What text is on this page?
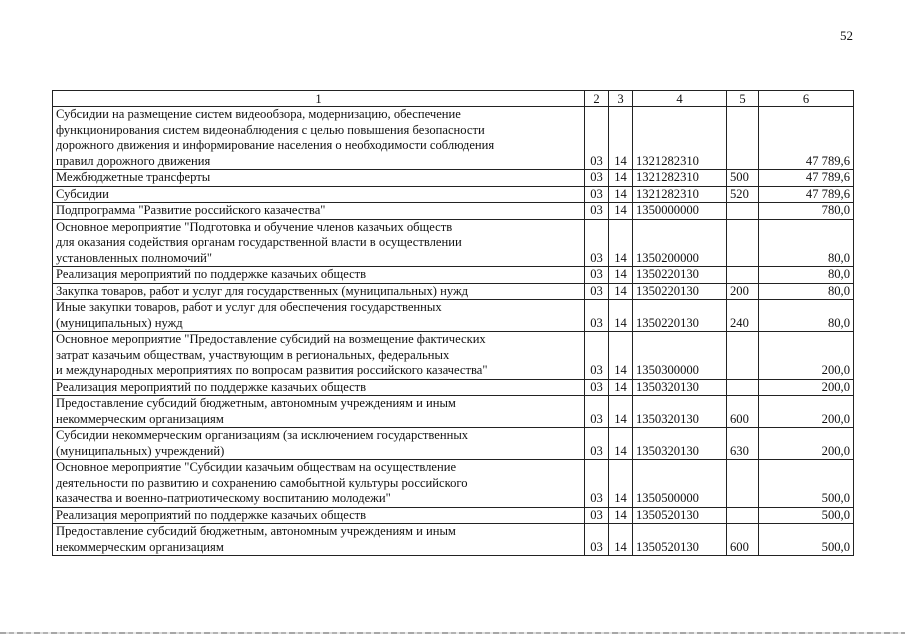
52
1	2	3	4	5	6
Субсидии на размещение систем видеообзора, модернизацию, обеспечение
функционирования систем видеонаблюдения с целью повышения безопасности
дорожного движения и информирование населения о необходимости соблюдения
правил дорожного движения	03	14	1321282310		47 789,6
Межбюджетные трансферты	03	14	1321282310	500	47 789,6
Субсидии	03	14	1321282310	520	47 789,6
Подпрограмма "Развитие российского казачества"	03	14	1350000000		780,0
Основное мероприятие "Подготовка и обучение членов казачьих обществ
для оказания содействия органам государственной власти в осуществлении
установленных полномочий"	03	14	1350200000		80,0
Реализация мероприятий по поддержке казачьих обществ	03	14	1350220130		80,0
Закупка товаров, работ и услуг для государственных (муниципальных) нужд	03	14	1350220130	200	80,0
Иные закупки товаров, работ и услуг для обеспечения государственных
(муниципальных) нужд	03	14	1350220130	240	80,0
Основное мероприятие "Предоставление субсидий на возмещение фактических
затрат казачьим обществам, участвующим в региональных, федеральных
и международных мероприятиях по вопросам развития российского казачества"	03	14	1350300000		200,0
Реализация мероприятий по поддержке казачьих обществ	03	14	1350320130		200,0
Предоставление субсидий бюджетным, автономным учреждениям и иным
некоммерческим организациям	03	14	1350320130	600	200,0
Субсидии некоммерческим организациям (за исключением государственных
(муниципальных) учреждений)	03	14	1350320130	630	200,0
Основное мероприятие "Субсидии казачьим обществам на осуществление
деятельности по развитию и сохранению самобытной культуры российского
казачества и военно-патриотическому воспитанию молодежи"	03	14	1350500000		500,0
Реализация мероприятий по поддержке казачьих обществ	03	14	1350520130		500,0
Предоставление субсидий бюджетным, автономным учреждениям и иным
некоммерческим организациям	03	14	1350520130	600	500,0
